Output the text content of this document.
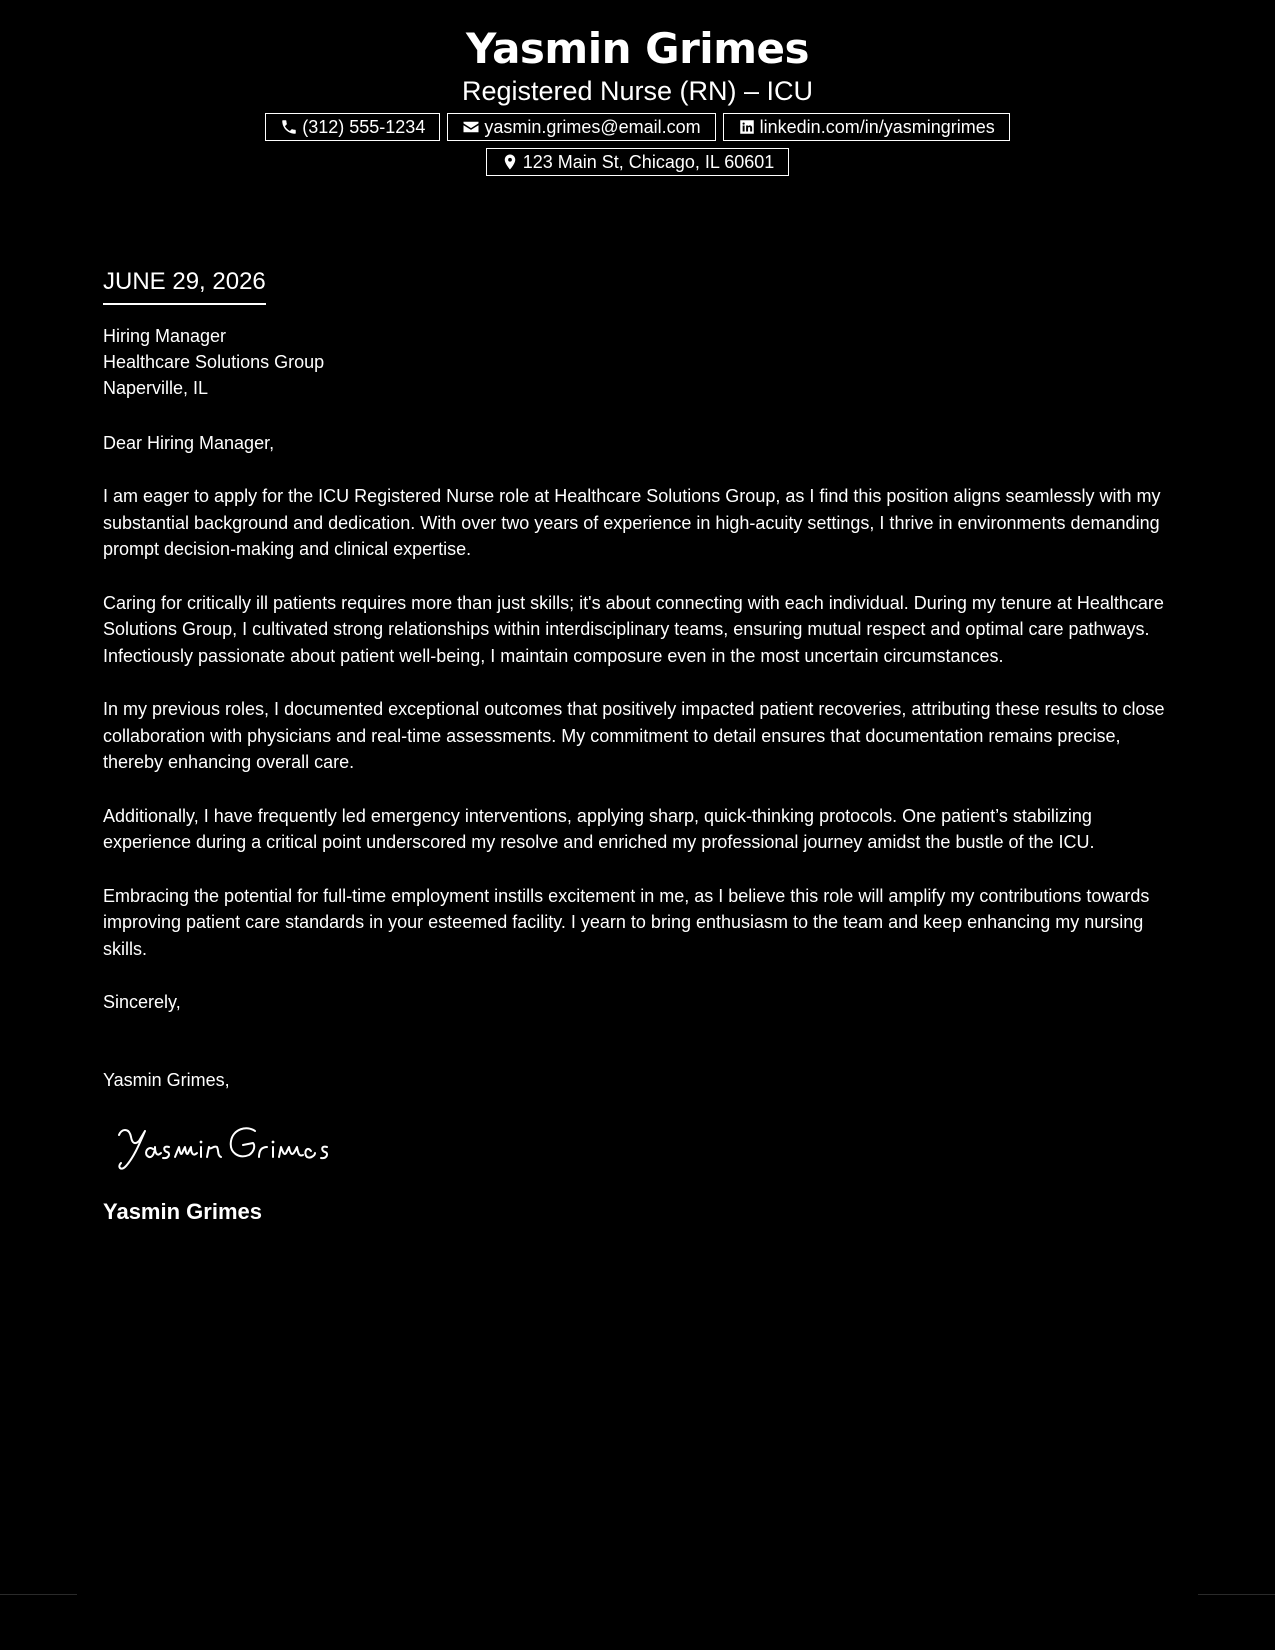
Yasmin Grimes
Registered Nurse (RN) – ICU
(312) 555-1234	yasmin.grimes@email.com	linkedin.com/in/yasmingrimes
123 Main St, Chicago, IL 60601
JUNE 29, 2026
Hiring Manager
Healthcare Solutions Group
Naperville, IL
Dear Hiring Manager,
I am eager to apply for the ICU Registered Nurse role at Healthcare Solutions Group, as I find this position aligns seamlessly with my substantial background and dedication. With over two years of experience in high-acuity settings, I thrive in environments demanding prompt decision-making and clinical expertise.
Caring for critically ill patients requires more than just skills; it's about connecting with each individual. During my tenure at Healthcare Solutions Group, I cultivated strong relationships within interdisciplinary teams, ensuring mutual respect and optimal care pathways. Infectiously passionate about patient well-being, I maintain composure even in the most uncertain circumstances.
In my previous roles, I documented exceptional outcomes that positively impacted patient recoveries, attributing these results to close collaboration with physicians and real-time assessments. My commitment to detail ensures that documentation remains precise, thereby enhancing overall care.
Additionally, I have frequently led emergency interventions, applying sharp, quick-thinking protocols. One patient’s stabilizing experience during a critical point underscored my resolve and enriched my professional journey amidst the bustle of the ICU.
Embracing the potential for full-time employment instills excitement in me, as I believe this role will amplify my contributions towards improving patient care standards in your esteemed facility. I yearn to bring enthusiasm to the team and keep enhancing my nursing skills.
Sincerely,
Yasmin Grimes,
Yasmin Grimes
